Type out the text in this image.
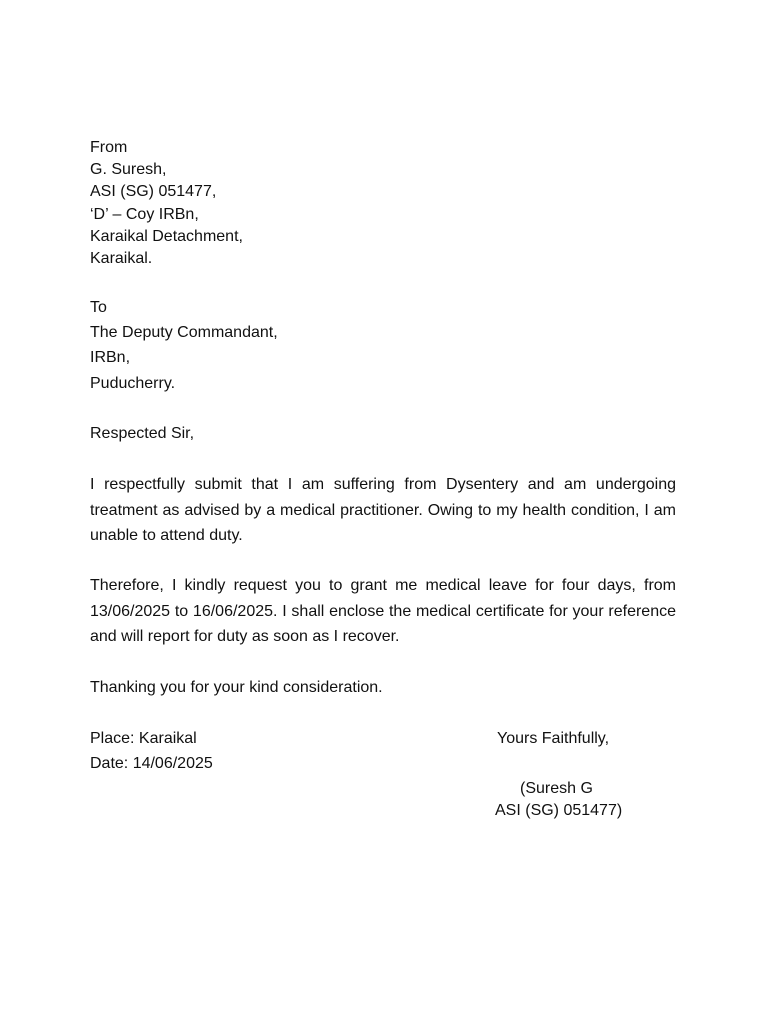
From
G. Suresh,
ASI (SG) 051477,
‘D’ – Coy IRBn,
Karaikal Detachment,
Karaikal.
To
The Deputy Commandant,
IRBn,
Puducherry.
Respected Sir,

I respectfully submit that I am suffering from Dysentery and am undergoing treatment as advised by a medical practitioner. Owing to my health condition, I am unable to attend duty.

Therefore, I kindly request you to grant me medical leave for four days, from 13/06/2025 to 16/06/2025. I shall enclose the medical certificate for your reference and will report for duty as soon as I recover.

Thanking you for your kind consideration.
Place: Karaikal
Date: 14/06/2025
Yours Faithfully,
(Suresh G
ASI (SG) 051477)
